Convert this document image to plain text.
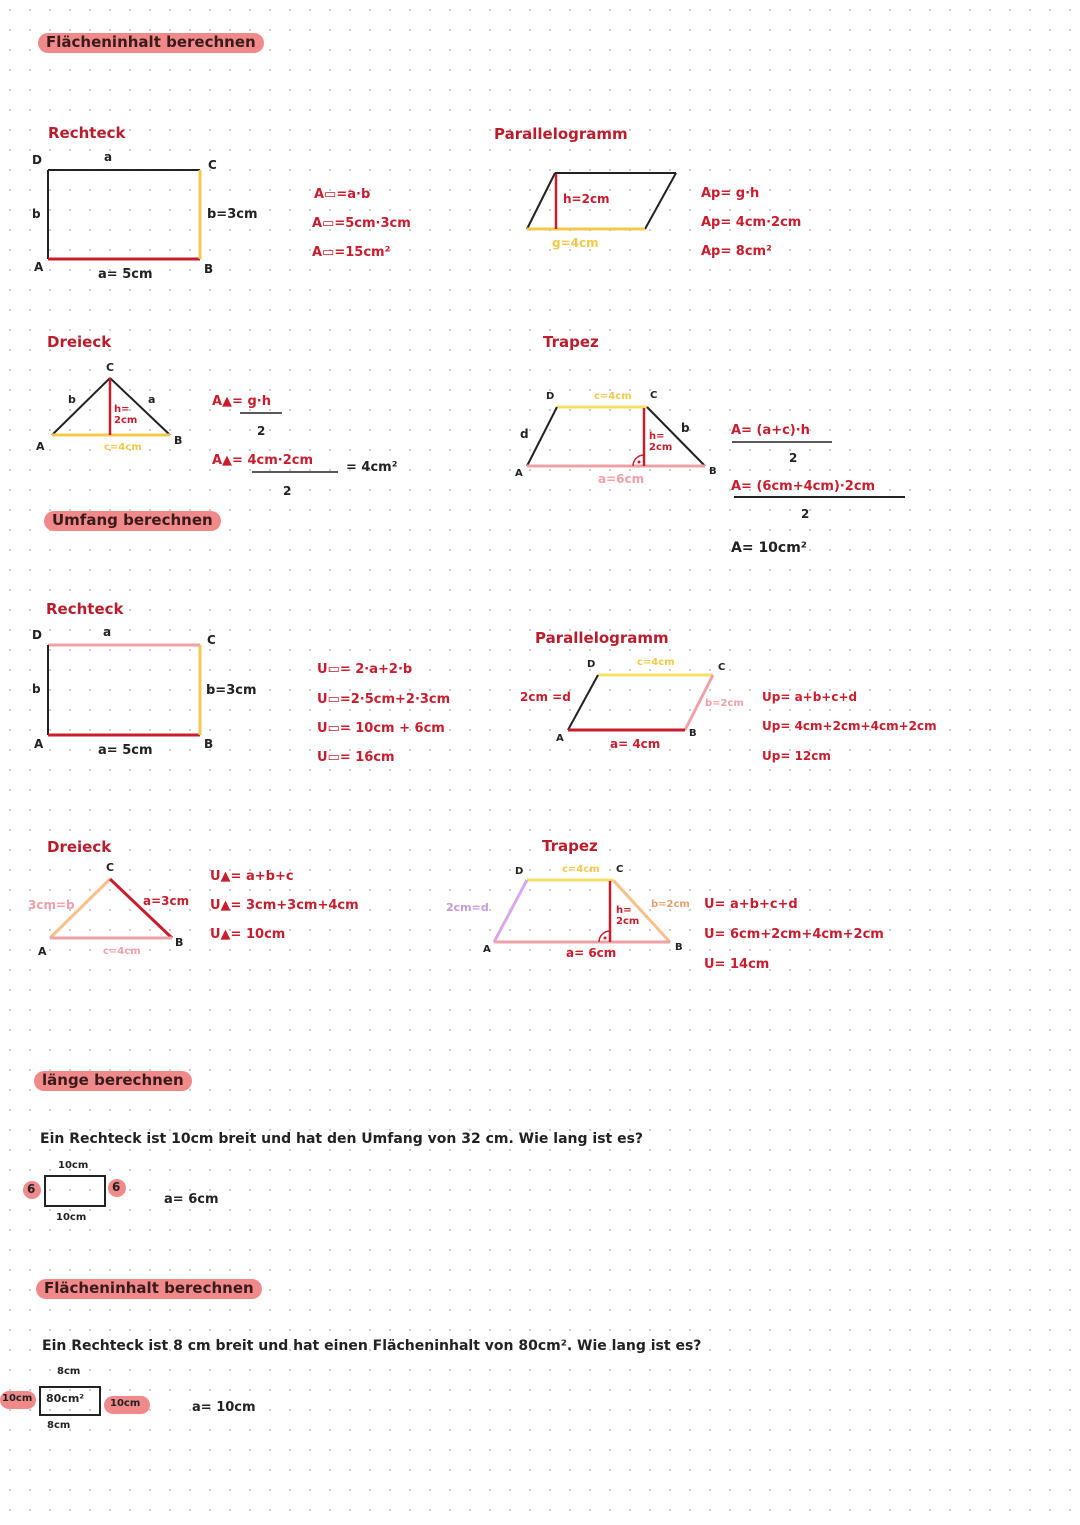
Flächeninhalt berechnen
Rechteck
D	C
A	B
a
b	b=3cm
a= 5cm
A▭=a·b
A▭=5cm·3cm
A▭=15cm²
Parallelogramm
h=2cm
g=4cm
Ap= g·h
Ap= 4cm·2cm
Ap= 8cm²
Dreieck
C
A	B
b	a
h= 2cm
c=4cm
A▲= g·h
2
A▲= 4cm·2cm
2
= 4cm²
Trapez
D	C
A	B
c=4cm
d	b
h= 2cm
a=6cm
A= (a+c)·h
2
A= (6cm+4cm)·2cm
2
A= 10cm²
Umfang berechnen
Rechteck
D	C
A	B
a
b	b=3cm
a= 5cm
U▭= 2·a+2·b
U▭=2·5cm+2·3cm
U▭= 10cm + 6cm
U▭= 16cm
Parallelogramm
D	C
A	B
c=4cm
2cm =d	b=2cm
a= 4cm
Up= a+b+c+d
Up= 4cm+2cm+4cm+2cm
Up= 12cm
Dreieck
C
A
B
3cm=b	a=3cm
c=4cm
U▲= a+b+c
U▲= 3cm+3cm+4cm
U▲= 10cm
Trapez
D	C
A	B
c=4cm
2cm=d	b=2cm
h= 2cm
a= 6cm
U= a+b+c+d
U= 6cm+2cm+4cm+2cm
U= 14cm
länge berechnen
Ein Rechteck ist 10cm breit und hat den Umfang von 32 cm. Wie lang ist es?
10cm
10cm
6	6
a= 6cm
Flächeninhalt berechnen
Ein Rechteck ist 8 cm breit und hat einen Flächeninhalt von 80cm². Wie lang ist es?
8cm
8cm
80cm²
10cm	10cm	a= 10cm
